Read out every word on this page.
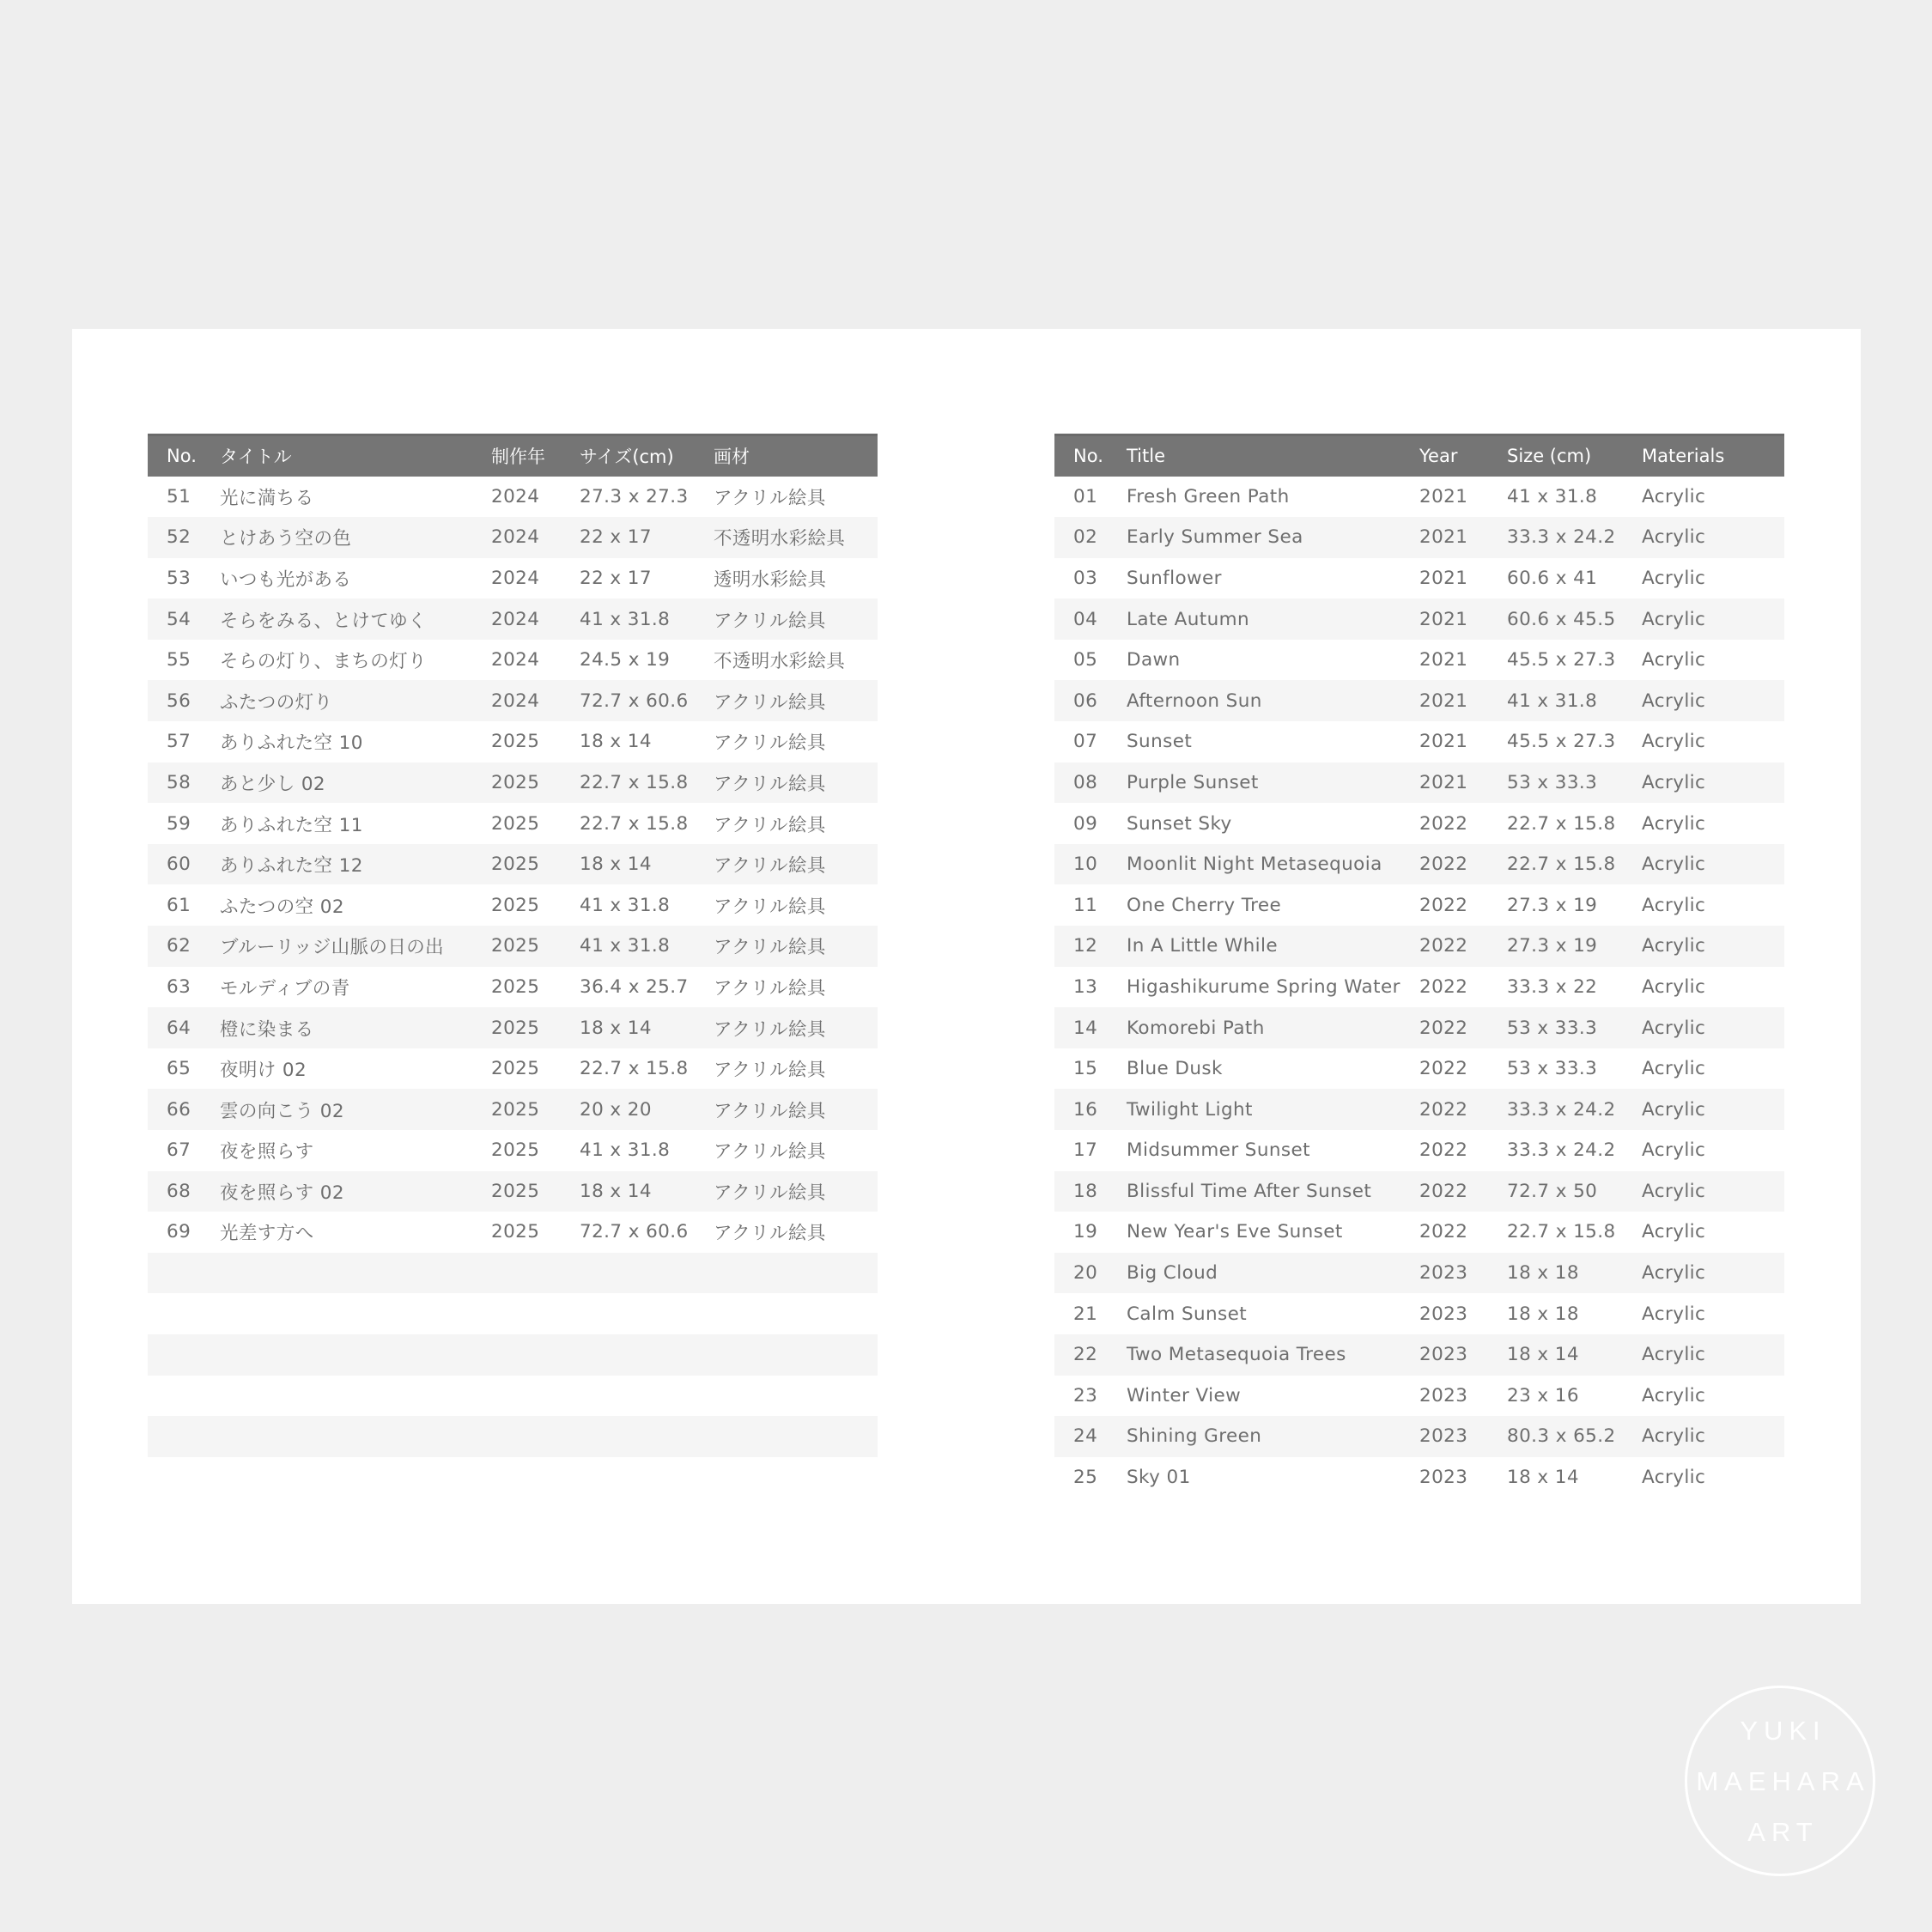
No.	タイトル	制作年	サイズ(cm)	画材
51	光に満ちる	2024	27.3 x 27.3	アクリル絵具
52	とけあう空の色	2024	22 x 17	不透明水彩絵具
53	いつも光がある	2024	22 x 17	透明水彩絵具
54	そらをみる、とけてゆく	2024	41 x 31.8	アクリル絵具
55	そらの灯り、まちの灯り	2024	24.5 x 19	不透明水彩絵具
56	ふたつの灯り	2024	72.7 x 60.6	アクリル絵具
57	ありふれた空 10	2025	18 x 14	アクリル絵具
58	あと少し 02	2025	22.7 x 15.8	アクリル絵具
59	ありふれた空 11	2025	22.7 x 15.8	アクリル絵具
60	ありふれた空 12	2025	18 x 14	アクリル絵具
61	ふたつの空 02	2025	41 x 31.8	アクリル絵具
62	ブルーリッジ山脈の日の出	2025	41 x 31.8	アクリル絵具
63	モルディブの青	2025	36.4 x 25.7	アクリル絵具
64	橙に染まる	2025	18 x 14	アクリル絵具
65	夜明け 02	2025	22.7 x 15.8	アクリル絵具
66	雲の向こう 02	2025	20 x 20	アクリル絵具
67	夜を照らす	2025	41 x 31.8	アクリル絵具
68	夜を照らす 02	2025	18 x 14	アクリル絵具
69	光差す方へ	2025	72.7 x 60.6	アクリル絵具

No.	Title	Year	Size (cm)	Materials
01	Fresh Green Path	2021	41 x 31.8	Acrylic
02	Early Summer Sea	2021	33.3 x 24.2	Acrylic
03	Sunflower	2021	60.6 x 41	Acrylic
04	Late Autumn	2021	60.6 x 45.5	Acrylic
05	Dawn	2021	45.5 x 27.3	Acrylic
06	Afternoon Sun	2021	41 x 31.8	Acrylic
07	Sunset	2021	45.5 x 27.3	Acrylic
08	Purple Sunset	2021	53 x 33.3	Acrylic
09	Sunset Sky	2022	22.7 x 15.8	Acrylic
10	Moonlit Night Metasequoia	2022	22.7 x 15.8	Acrylic
11	One Cherry Tree	2022	27.3 x 19	Acrylic
12	In A Little While	2022	27.3 x 19	Acrylic
13	Higashikurume Spring Water	2022	33.3 x 22	Acrylic
14	Komorebi Path	2022	53 x 33.3	Acrylic
15	Blue Dusk	2022	53 x 33.3	Acrylic
16	Twilight Light	2022	33.3 x 24.2	Acrylic
17	Midsummer Sunset	2022	33.3 x 24.2	Acrylic
18	Blissful Time After Sunset	2022	72.7 x 50	Acrylic
19	New Year's Eve Sunset	2022	22.7 x 15.8	Acrylic
20	Big Cloud	2023	18 x 18	Acrylic
21	Calm Sunset	2023	18 x 18	Acrylic
22	Two Metasequoia Trees	2023	18 x 14	Acrylic
23	Winter View	2023	23 x 16	Acrylic
24	Shining Green	2023	80.3 x 65.2	Acrylic
25	Sky 01	2023	18 x 14	Acrylic
YUKI
MAEHARA
ART
